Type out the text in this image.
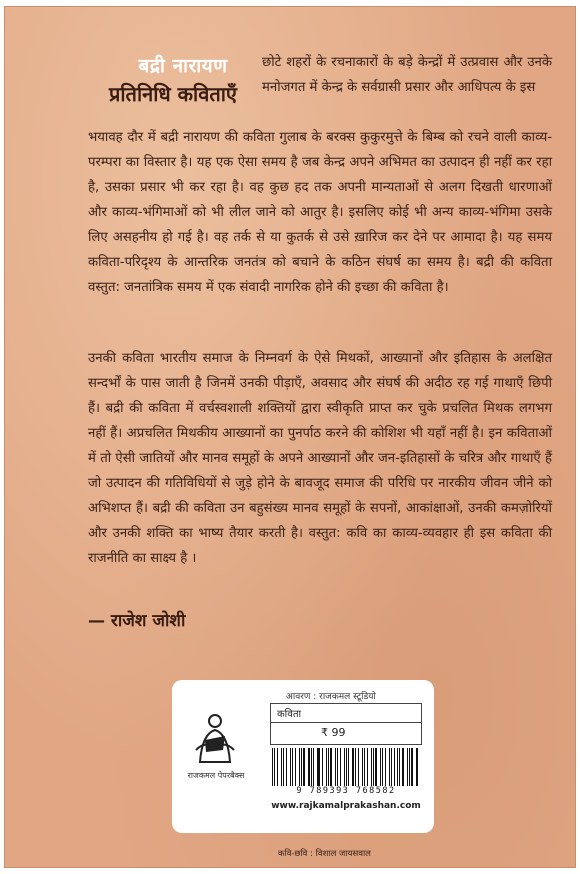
बद्री नारायण
प्रतिनिधि कविताएँ

छोटे शहरों के रचनाकारों के बड़े केन्द्रों में उत्प्रवास और उनके मनोजगत में केन्द्र के सर्वग्रासी प्रसार और आधिपत्य के इस

भयावह दौर में बद्री नारायण की कविता गुलाब के बरक्स कुकुरमुत्ते के बिम्ब को रचने वाली काव्य-परम्परा का विस्तार है। यह एक ऐसा समय है जब केन्द्र अपने अभिमत का उत्पादन ही नहीं कर रहा है, उसका प्रसार भी कर रहा है। वह कुछ हद तक अपनी मान्यताओं से अलग दिखती धारणाओं और काव्य-भंगिमाओं को भी लील जाने को आतुर है। इसलिए कोई भी अन्य काव्य-भंगिमा उसके लिए असहनीय हो गई है। वह तर्क से या कुतर्क से उसे ख़ारिज कर देने पर आमादा है। यह समय कविता-परिदृश्य के आन्तरिक जनतंत्र को बचाने के कठिन संघर्ष का समय है। बद्री की कविता वस्तुत: जनतांत्रिक समय में एक संवादी नागरिक होने की इच्छा की कविता है।

उनकी कविता भारतीय समाज के निम्नवर्ग के ऐसे मिथकों, आख्यानों और इतिहास के अलक्षित सन्दर्भों के पास जाती है जिनमें उनकी पीड़ाएँ, अवसाद और संघर्ष की अदीठ रह गई गाथाएँ छिपी हैं। बद्री की कविता में वर्चस्वशाली शक्तियों द्वारा स्वीकृति प्राप्त कर चुके प्रचलित मिथक लगभग नहीं हैं। अप्रचलित मिथकीय आख्यानों का पुनर्पाठ करने की कोशिश भी यहाँ नहीं है। इन कविताओं में तो ऐसी जातियों और मानव समूहों के अपने आख्यानों और जन-इतिहासों के चरित्र और गाथाएँ हैं जो उत्पादन की गतिविधियों से जुड़े होने के बावजूद समाज की परिधि पर नारकीय जीवन जीने को अभिशप्त हैं। बद्री की कविता उन बहुसंख्य मानव समूहों के सपनों, आकांक्षाओं, उनकी कमज़ोरियों और उनकी शक्ति का भाष्य तैयार करती है। वस्तुत: कवि का काव्य-व्यवहार ही इस कविता की राजनीति का साक्ष्य है ।

— राजेश जोशी
आवरण : राजकमल स्टूडियो
राजकमल पेपरबैक्स
कविता
₹ 99
9 789393 768582
www.rajkamalprakashan.com
कवि-छवि : विशाल जायसवाल
